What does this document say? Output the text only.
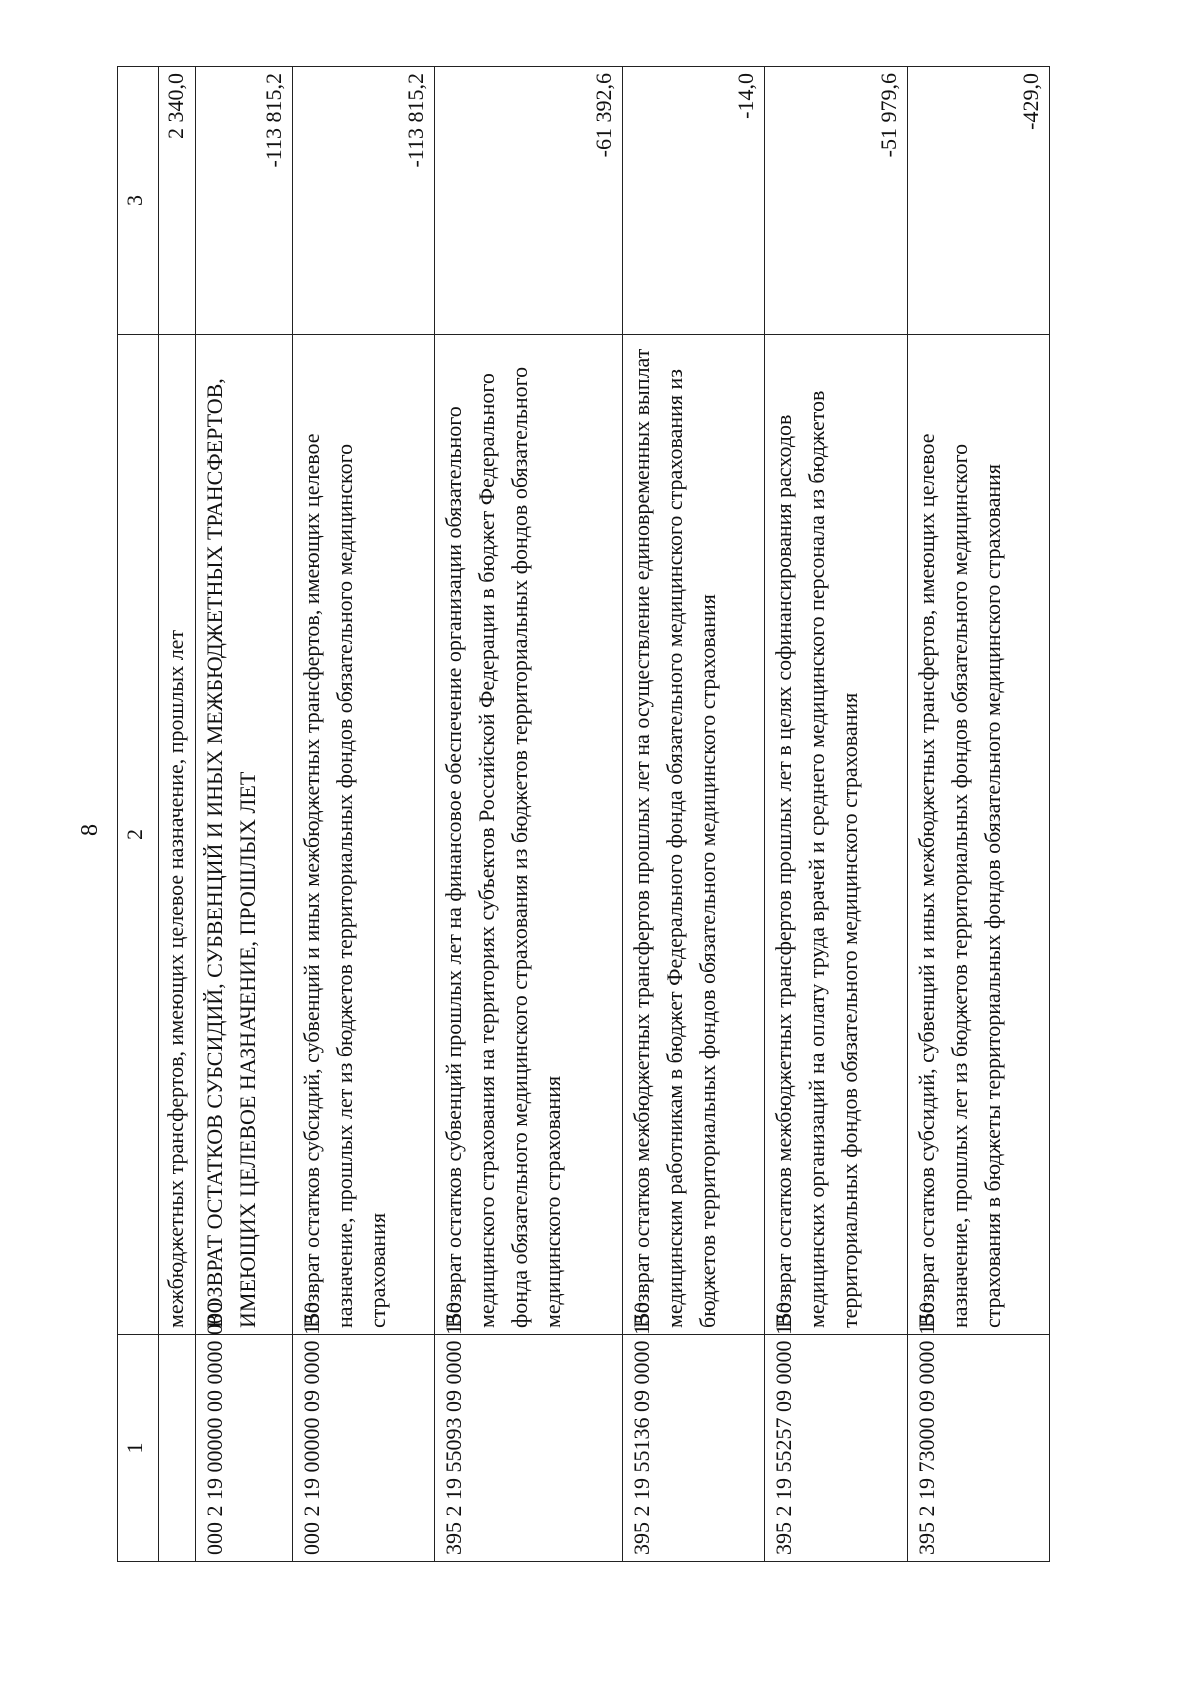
8
1	2	3
	межбюджетных трансфертов, имеющих целевое назначение, прошлых лет	2 340,0
000 2 19 00000 00 0000 000	ВОЗВРАТ ОСТАТКОВ СУБСИДИЙ, СУБВЕНЦИЙ И ИНЫХ МЕЖБЮДЖЕТНЫХ ТРАНСФЕРТОВ, ИМЕЮЩИХ ЦЕЛЕВОЕ НАЗНАЧЕНИЕ, ПРОШЛЫХ ЛЕТ	-113 815,2
000 2 19 00000 09 0000 150	Возврат остатков субсидий, субвенций и иных межбюджетных трансфертов, имеющих целевое назначение, прошлых лет из бюджетов территориальных фондов обязательного медицинского страхования	-113 815,2
395 2 19 55093 09 0000 150	Возврат остатков субвенций прошлых лет на финансовое обеспечение организации обязательного медицинского страхования на территориях субъектов Российской Федерации в бюджет Федерального фонда обязательного медицинского страхования из бюджетов территориальных фондов обязательного медицинского страхования	-61 392,6
395 2 19 55136 09 0000 150	Возврат остатков межбюджетных трансфертов прошлых лет на осуществление единовременных выплат медицинским работникам в бюджет Федерального фонда обязательного медицинского страхования из бюджетов территориальных фондов обязательного медицинского страхования	-14,0
395 2 19 55257 09 0000 150	Возврат остатков межбюджетных трансфертов прошлых лет в целях софинансирования расходов медицинских организаций на оплату труда врачей и среднего медицинского персонала из бюджетов территориальных фондов обязательного медицинского страхования	-51 979,6
395 2 19 73000 09 0000 150	Возврат остатков субсидий, субвенций и иных межбюджетных трансфертов, имеющих целевое назначение, прошлых лет из бюджетов территориальных фондов обязательного медицинского страхования в бюджеты территориальных фондов обязательного медицинского страхования	-429,0
